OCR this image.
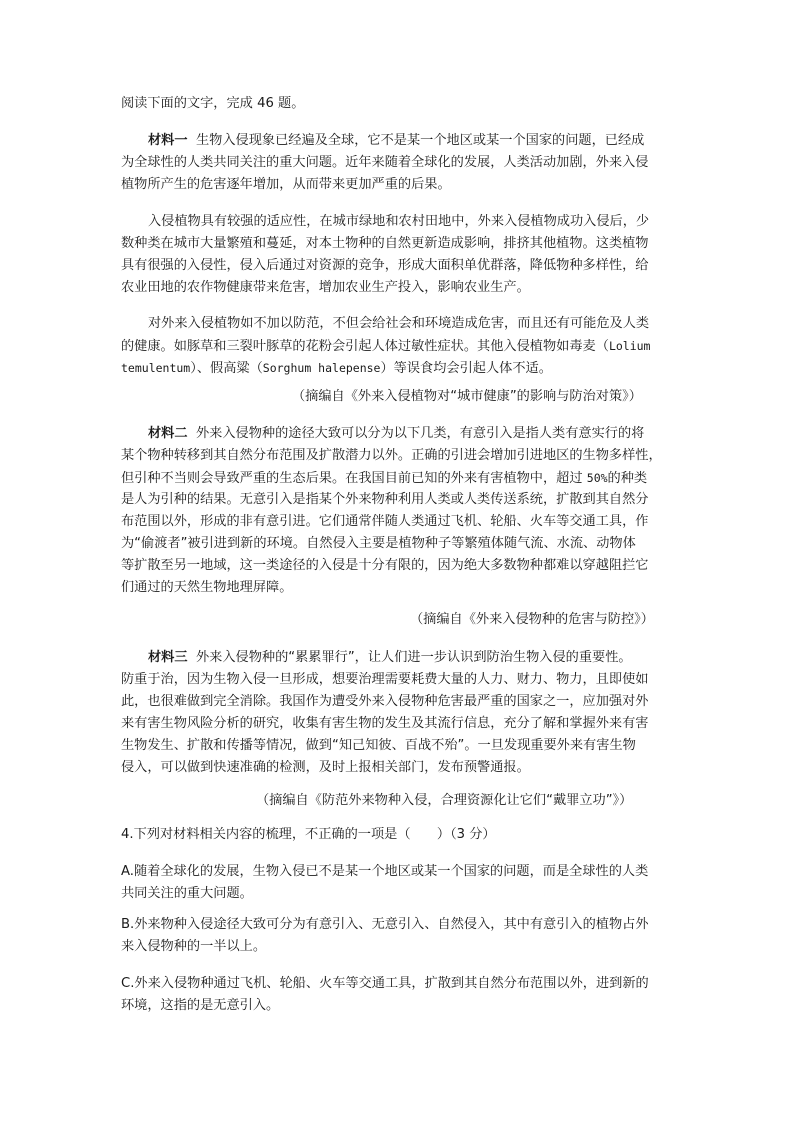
阅读下面的文字，完成 46 题。
材料一 生物入侵现象已经遍及全球，它不是某一个地区或某一个国家的问题，已经成
为全球性的人类共同关注的重大问题。近年来随着全球化的发展，人类活动加剧，外来入侵
植物所产生的危害逐年增加，从而带来更加严重的后果。
入侵植物具有较强的适应性，在城市绿地和农村田地中，外来入侵植物成功入侵后，少
数种类在城市大量繁殖和蔓延，对本土物种的自然更新造成影响，排挤其他植物。这类植物
具有很强的入侵性，侵入后通过对资源的竞争，形成大面积单优群落，降低物种多样性，给
农业田地的农作物健康带来危害，增加农业生产投入，影响农业生产。
对外来入侵植物如不加以防范，不但会给社会和环境造成危害，而且还有可能危及人类
的健康。如豚草和三裂叶豚草的花粉会引起人体过敏性症状。其他入侵植物如毒麦（Lolium
temulentum）、假高粱（Sorghum halepense）等误食均会引起人体不适。
（摘编自《外来入侵植物对“城市健康”的影响与防治对策》）
材料二 外来入侵物种的途径大致可以分为以下几类，有意引入是指人类有意实行的将
某个物种转移到其自然分布范围及扩散潜力以外。正确的引进会增加引进地区的生物多样性，
但引种不当则会导致严重的生态后果。在我国目前已知的外来有害植物中，超过 50%的种类
是人为引种的结果。无意引入是指某个外来物种利用人类或人类传送系统，扩散到其自然分
布范围以外，形成的非有意引进。它们通常伴随人类通过飞机、轮船、火车等交通工具，作
为“偷渡者”被引进到新的环境。自然侵入主要是植物种子等繁殖体随气流、水流、动物体
等扩散至另一地域，这一类途径的入侵是十分有限的，因为绝大多数物种都难以穿越阻拦它
们通过的天然生物地理屏障。
（摘编自《外来入侵物种的危害与防控》）
材料三 外来入侵物种的“累累罪行”，让人们进一步认识到防治生物入侵的重要性。
防重于治，因为生物入侵一旦形成，想要治理需要耗费大量的人力、财力、物力，且即使如
此，也很难做到完全消除。我国作为遭受外来入侵物种危害最严重的国家之一，应加强对外
来有害生物风险分析的研究，收集有害生物的发生及其流行信息，充分了解和掌握外来有害
生物发生、扩散和传播等情况，做到“知己知彼、百战不殆”。一旦发现重要外来有害生物
侵入，可以做到快速准确的检测，及时上报相关部门，发布预警通报。
（摘编自《防范外来物种入侵，合理资源化让它们“戴罪立功”》）
4.下列对材料相关内容的梳理，不正确的一项是（　　）（3 分）
A.随着全球化的发展，生物入侵已不是某一个地区或某一个国家的问题，而是全球性的人类
共同关注的重大问题。
B.外来物种入侵途径大致可分为有意引入、无意引入、自然侵入，其中有意引入的植物占外
来入侵物种的一半以上。
C.外来入侵物种通过飞机、轮船、火车等交通工具，扩散到其自然分布范围以外，进到新的
环境，这指的是无意引入。
